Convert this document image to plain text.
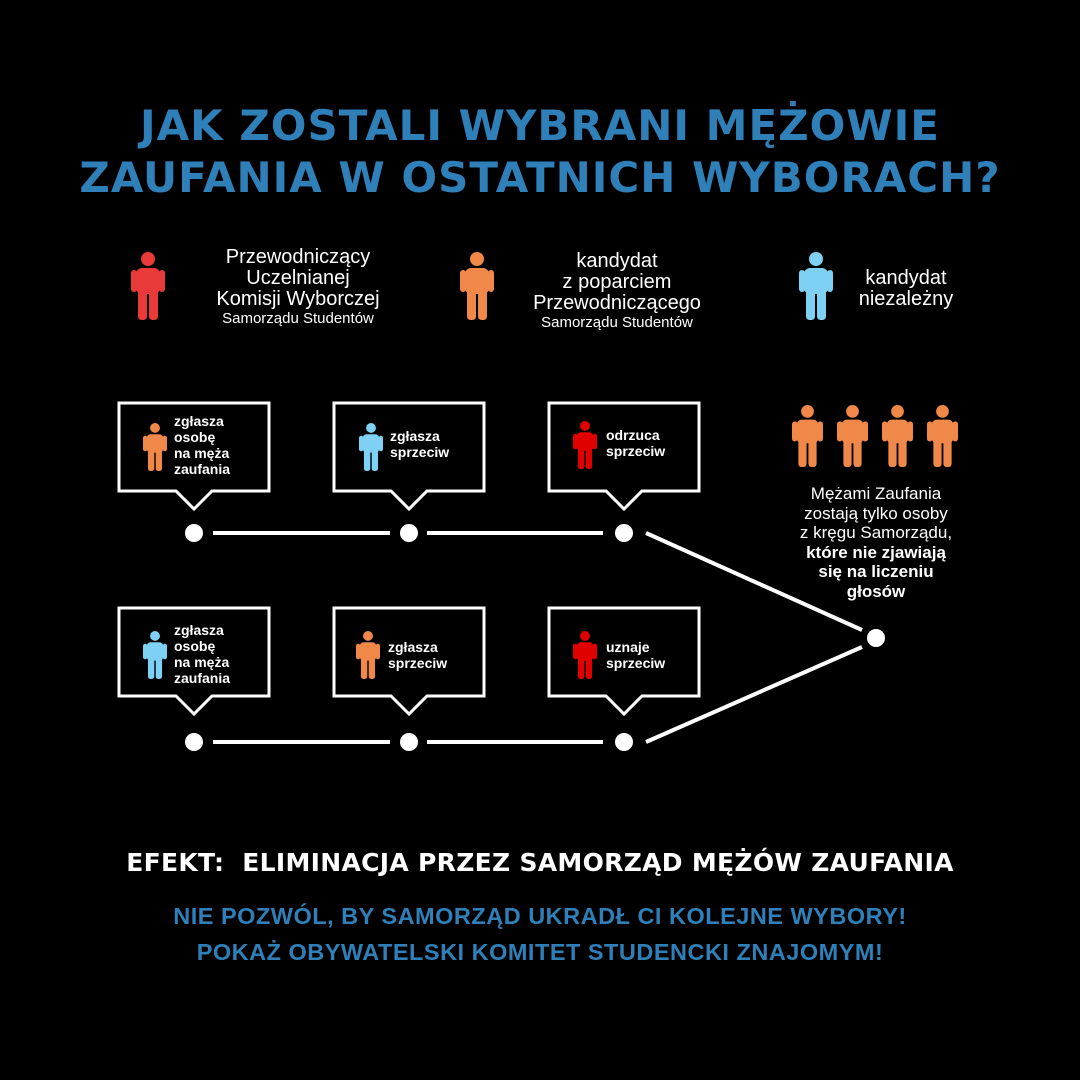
JAK ZOSTALI WYBRANI MĘŻOWIE
ZAUFANIA W OSTATNICH WYBORACH?
Przewodniczący
Uczelnianej
Komisji Wyborczej
Samorządu Studentów
kandydat
z poparciem
Przewodniczącego
Samorządu Studentów
kandydat
niezależny
zgłasza
osobę
na męża
zaufania
zgłasza
sprzeciw
odrzuca
sprzeciw
zgłasza
osobę
na męża
zaufania
zgłasza
sprzeciw
uznaje
sprzeciw
Mężami Zaufania
zostają tylko osoby
z kręgu Samorządu,
które nie zjawiają
się na liczeniu
głosów
EFEKT: ELIMINACJA PRZEZ SAMORZĄD MĘŻÓW ZAUFANIA
NIE POZWÓL, BY SAMORZĄD UKRADŁ CI KOLEJNE WYBORY!
POKAŻ OBYWATELSKI KOMITET STUDENCKI ZNAJOMYM!
